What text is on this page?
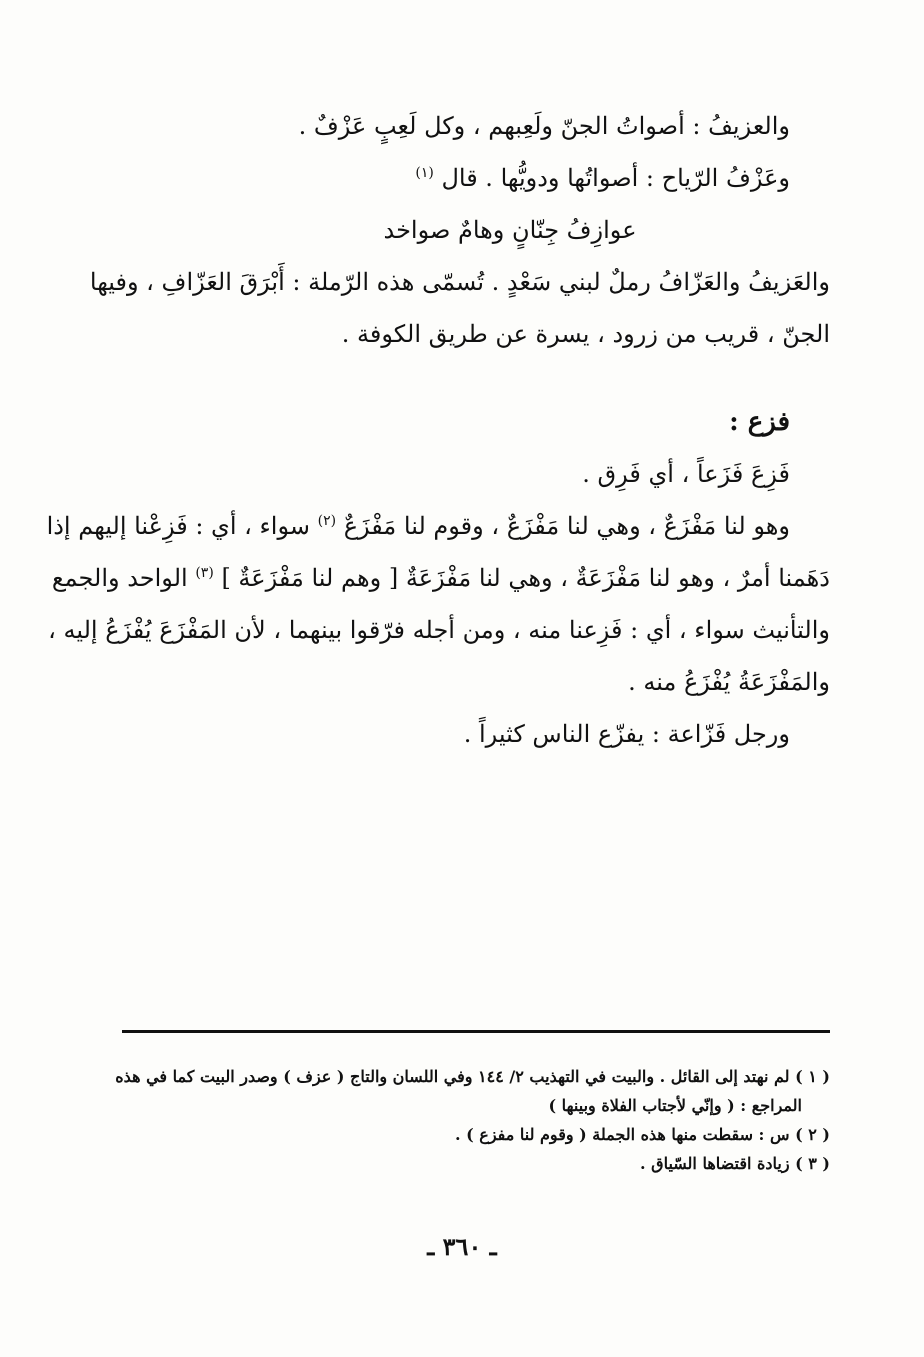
والعزيفُ : أصواتُ الجنّ ولَعِبهم ، وكل لَعِبٍ عَزْفٌ .
وعَزْفُ الرّياح : أصواتُها ودويُّها . قال $^{(١)}$
عوازِفُ جِنّانٍ وهامٌ صواخد
والعَزيفُ والعَزّافُ رملٌ لبني سَعْدٍ . تُسمّى هذه الرّملة : أَبْرَقَ العَزّافِ ، وفيها
الجنّ ، قريب من زرود ، يسرة عن طريق الكوفة .
فزع :
فَزِعَ فَزَعاً ، أي فَرِق .
وهو لنا مَفْزَعٌ ، وهي لنا مَفْزَعٌ ، وقوم لنا مَفْزَعٌ $^{(٢)}$ سواء ، أي : فَزِعْنا إليهم إذا
دَهَمنا أمرٌ ، وهو لنا مَفْزَعَةٌ ، وهي لنا مَفْزَعَةٌ [ وهم لنا مَفْزَعَةٌ ] $^{(٣)}$ الواحد والجمع
والتأنيث سواء ، أي : فَزِعنا منه ، ومن أجله فرّقوا بينهما ، لأن المَفْزَعَ يُفْزَعُ إليه ،
والمَفْزَعَةُ يُفْزَعُ منه .
ورجل فَزّاعة : يفزّع الناس كثيراً .
( ١ ) لم نهتد إلى القائل . والبيت في التهذيب ٢/ ١٤٤ وفي اللسان والتاج ( عزف ) وصدر البيت كما في هذه
المراجع : ( وإنّي لأجتاب الفلاة وبينها )
( ٢ ) س : سقطت منها هذه الجملة ( وقوم لنا مفزع ) .
( ٣ ) زيادة اقتضاها السّياق .
ـ ٣٦٠ ـ
